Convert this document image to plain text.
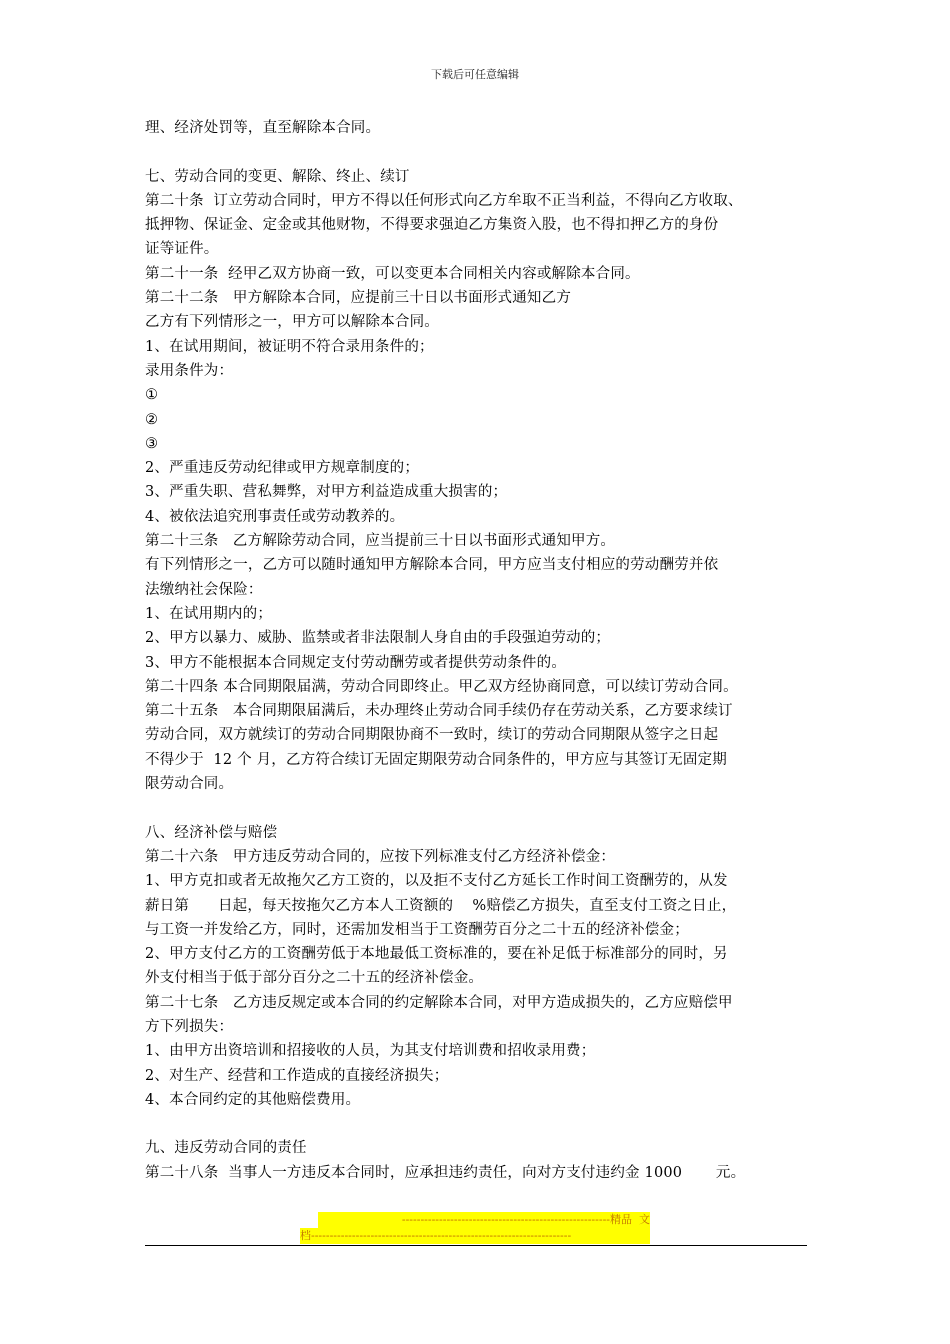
下载后可任意编辑
理、经济处罚等，直至解除本合同。
七、劳动合同的变更、解除、终止、续订
第二十条  订立劳动合同时，甲方不得以任何形式向乙方牟取不正当利益，不得向乙方收取、
抵押物、保证金、定金或其他财物，不得要求强迫乙方集资入股，也不得扣押乙方的身份
证等证件。
第二十一条  经甲乙双方协商一致，可以变更本合同相关内容或解除本合同。
第二十二条   甲方解除本合同，应提前三十日以书面形式通知乙方
乙方有下列情形之一，甲方可以解除本合同。
1、在试用期间，被证明不符合录用条件的；
录用条件为：
①
②
③
2、严重违反劳动纪律或甲方规章制度的；
3、严重失职、营私舞弊，对甲方利益造成重大损害的；
4、被依法追究刑事责任或劳动教养的。
第二十三条   乙方解除劳动合同，应当提前三十日以书面形式通知甲方。
有下列情形之一，乙方可以随时通知甲方解除本合同，甲方应当支付相应的劳动酬劳并依
法缴纳社会保险：
1、在试用期内的；
2、甲方以暴力、威胁、监禁或者非法限制人身自由的手段强迫劳动的；
3、甲方不能根据本合同规定支付劳动酬劳或者提供劳动条件的。
第二十四条 本合同期限届满，劳动合同即终止。甲乙双方经协商同意，可以续订劳动合同。
第二十五条   本合同期限届满后，未办理终止劳动合同手续仍存在劳动关系，乙方要求续订
劳动合同，双方就续订的劳动合同期限协商不一致时，续订的劳动合同期限从签字之日起
不得少于  12 个 月，乙方符合续订无固定期限劳动合同条件的，甲方应与其签订无固定期
限劳动合同。
八、经济补偿与赔偿
第二十六条   甲方违反劳动合同的，应按下列标准支付乙方经济补偿金：
1、甲方克扣或者无故拖欠乙方工资的，以及拒不支付乙方延长工作时间工资酬劳的，从发
薪日第      日起，每天按拖欠乙方本人工资额的    %赔偿乙方损失，直至支付工资之日止，
与工资一并发给乙方，同时，还需加发相当于工资酬劳百分之二十五的经济补偿金；
2、甲方支付乙方的工资酬劳低于本地最低工资标准的，要在补足低于标准部分的同时，另
外支付相当于低于部分百分之二十五的经济补偿金。
第二十七条   乙方违反规定或本合同的约定解除本合同，对甲方造成损失的，乙方应赔偿甲
方下列损失：
1、由甲方出资培训和招接收的人员，为其支付培训费和招收录用费；
2、对生产、经营和工作造成的直接经济损失；
4、本合同约定的其他赔偿费用。
九、违反劳动合同的责任
第二十八条  当事人一方违反本合同时，应承担违约责任，向对方支付违约金 1000       元。
--------------------------------------------------------精品  文
档----------------------------------------------------------------------
